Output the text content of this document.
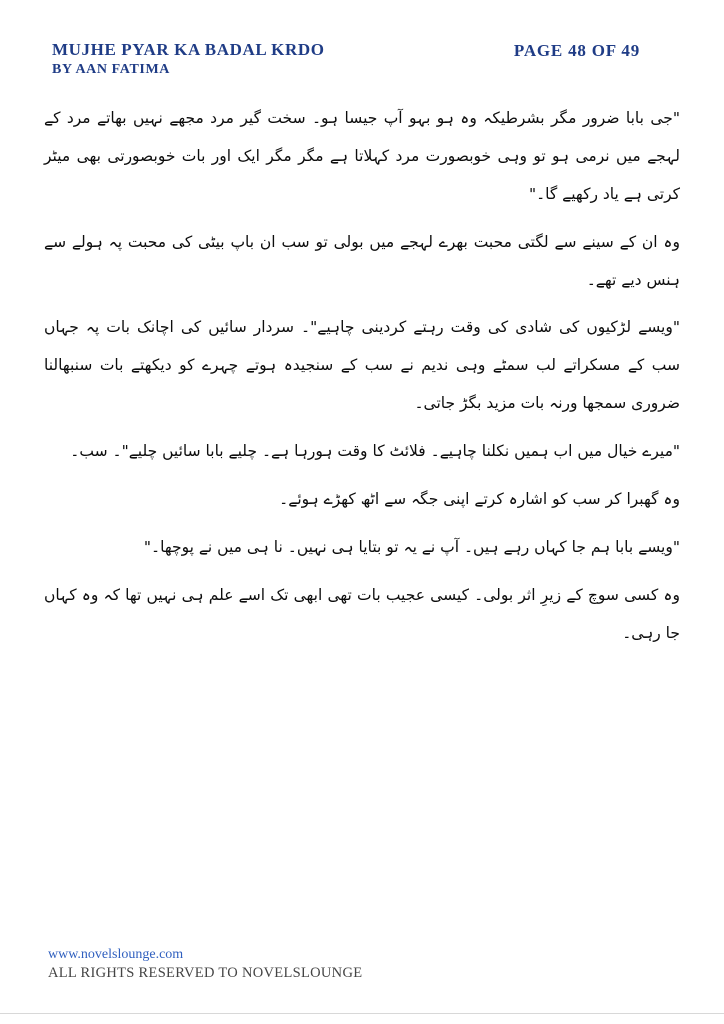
MUJHE PYAR KA BADAL KRDO
BY AAN FATIMA
PAGE 48 OF 49

"جی بابا ضرور مگر بشرطیکہ وہ ہو بہو آپ جیسا ہو۔ سخت گیر مرد مجھے نہیں بھاتے مرد کے لہجے میں نرمی ہو تو وہی خوبصورت مرد کہلاتا ہے مگر مگر ایک اور بات خوبصورتی بھی میٹر کرتی ہے یاد رکھیے گا۔"

وہ ان کے سینے سے لگتی محبت بھرے لہجے میں بولی تو سب ان باپ بیٹی کی محبت پہ ہولے سے ہنس دیے تھے۔

"ویسے لڑکیوں کی شادی کی وقت رہتے کردینی چاہیے"۔ سردار سائیں کی اچانک بات پہ جہاں سب کے مسکراتے لب سمٹے وہی ندیم نے سب کے سنجیدہ ہوتے چہرے کو دیکھتے بات سنبھالنا ضروری سمجھا ورنہ بات مزید بگڑ جاتی۔

"میرے خیال میں اب ہمیں نکلنا چاہیے۔ فلائٹ کا وقت ہورہا ہے۔ چلیے بابا سائیں چلیے"۔ سب۔

وہ گھبرا کر سب کو اشارہ کرتے اپنی جگہ سے اٹھ کھڑے ہوئے۔

"ویسے بابا ہم جا کہاں رہے ہیں۔ آپ نے یہ تو بتایا ہی نہیں۔ نا ہی میں نے پوچھا۔"

وہ کسی سوچ کے زیرِ اثر بولی۔ کیسی عجیب بات تھی ابھی تک اسے علم ہی نہیں تھا کہ وہ کہاں جا رہی۔

www.novelslounge.com
ALL RIGHTS RESERVED TO NOVELSLOUNGE
